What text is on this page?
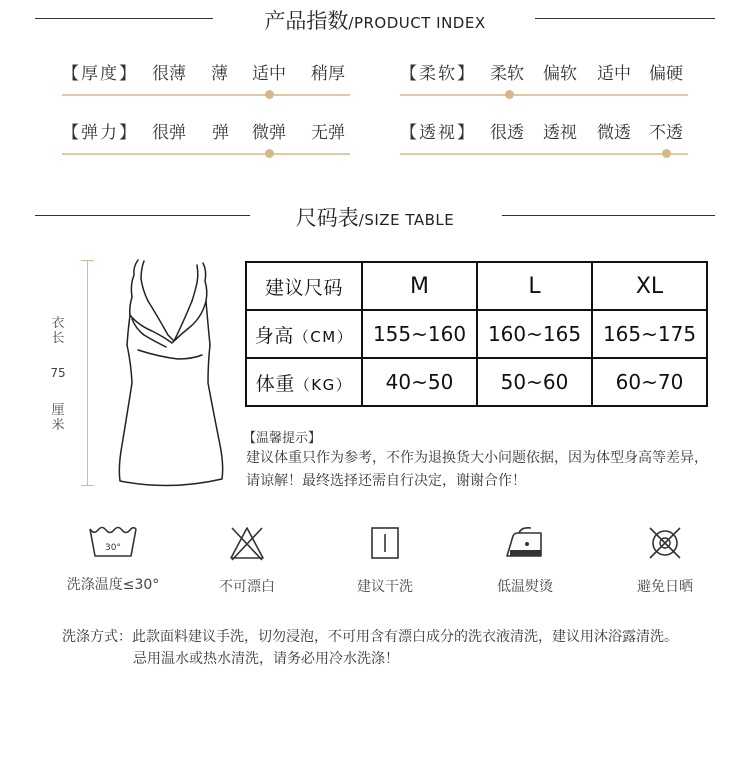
产品指数/PRODUCT INDEX
【厚度】 很薄 薄 适中 稍厚	【柔软】 柔软 偏软 适中 偏硬
【弹力】 很弹 弹 微弹 无弹	【透视】 很透 透视 微透 不透
尺码表/SIZE TABLE
衣
长
75
厘
米
建议尺码	M	L	XL
身高（CM）	155~160	160~165	165~175
体重（KG）	40~50	50~60	60~70
【温馨提示】
建议体重只作为参考，不作为退换货大小问题依据，因为体型身高等差异，请谅解！最终选择还需自行决定，谢谢合作！
30°
洗涤温度≤30°	不可漂白	建议干洗	低温熨烫	避免日晒
洗涤方式：此款面料建议手洗，切勿浸泡，不可用含有漂白成分的洗衣液清洗，建议用沐浴露清洗。
忌用温水或热水清洗，请务必用冷水洗涤！
